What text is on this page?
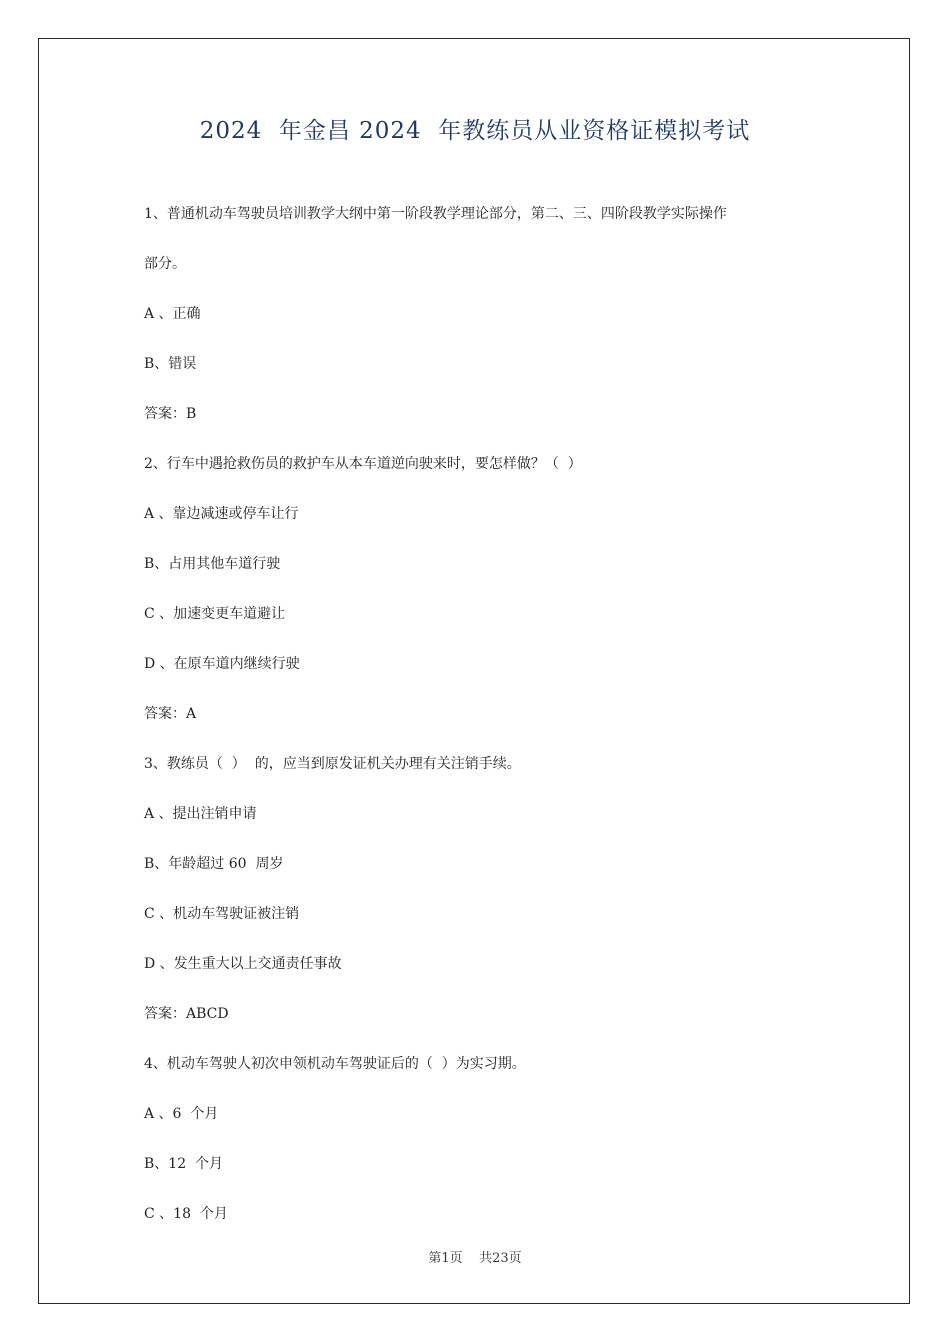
2024  年金昌 2024  年教练员从业资格证模拟考试
1、普通机动车驾驶员培训教学大纲中第一阶段教学理论部分，第二、三、四阶段教学实际操作
部分。
A 、正确
B、错误
答案：B
2、行车中遇抢救伤员的救护车从本车道逆向驶来时，要怎样做？（  ）
A 、靠边减速或停车让行
B、占用其他车道行驶
C 、加速变更车道避让
D 、在原车道内继续行驶
答案：A
3、教练员（  ）  的，应当到原发证机关办理有关注销手续。
A 、提出注销申请
B、年龄超过 60  周岁
C 、机动车驾驶证被注销
D 、发生重大以上交通责任事故
答案：ABCD
4、机动车驾驶人初次申领机动车驾驶证后的（  ）为实习期。
A 、6  个月
B、12  个月
C 、18  个月
第1页    共23页
